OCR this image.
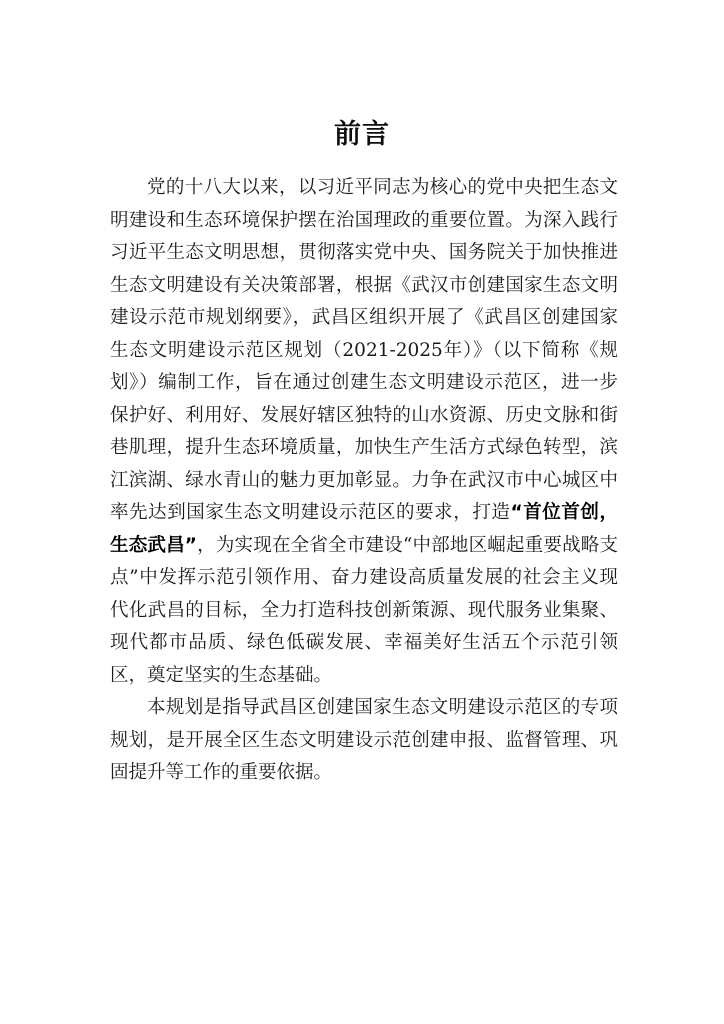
前言

党的十八大以来，以习近平同志为核心的党中央把生态文明建设和生态环境保护摆在治国理政的重要位置。为深入践行习近平生态文明思想，贯彻落实党中央、国务院关于加快推进生态文明建设有关决策部署，根据《武汉市创建国家生态文明建设示范市规划纲要》，武昌区组织开展了《武昌区创建国家生态文明建设示范区规划（2021-2025年）》（以下简称《规划》）编制工作，旨在通过创建生态文明建设示范区，进一步保护好、利用好、发展好辖区独特的山水资源、历史文脉和街巷肌理，提升生态环境质量，加快生产生活方式绿色转型，滨江滨湖、绿水青山的魅力更加彰显。力争在武汉市中心城区中率先达到国家生态文明建设示范区的要求，打造“首位首创，生态武昌”，为实现在全省全市建设“中部地区崛起重要战略支点”中发挥示范引领作用、奋力建设高质量发展的社会主义现代化武昌的目标，全力打造科技创新策源、现代服务业集聚、现代都市品质、绿色低碳发展、幸福美好生活五个示范引领区，奠定坚实的生态基础。

本规划是指导武昌区创建国家生态文明建设示范区的专项规划，是开展全区生态文明建设示范创建申报、监督管理、巩固提升等工作的重要依据。
